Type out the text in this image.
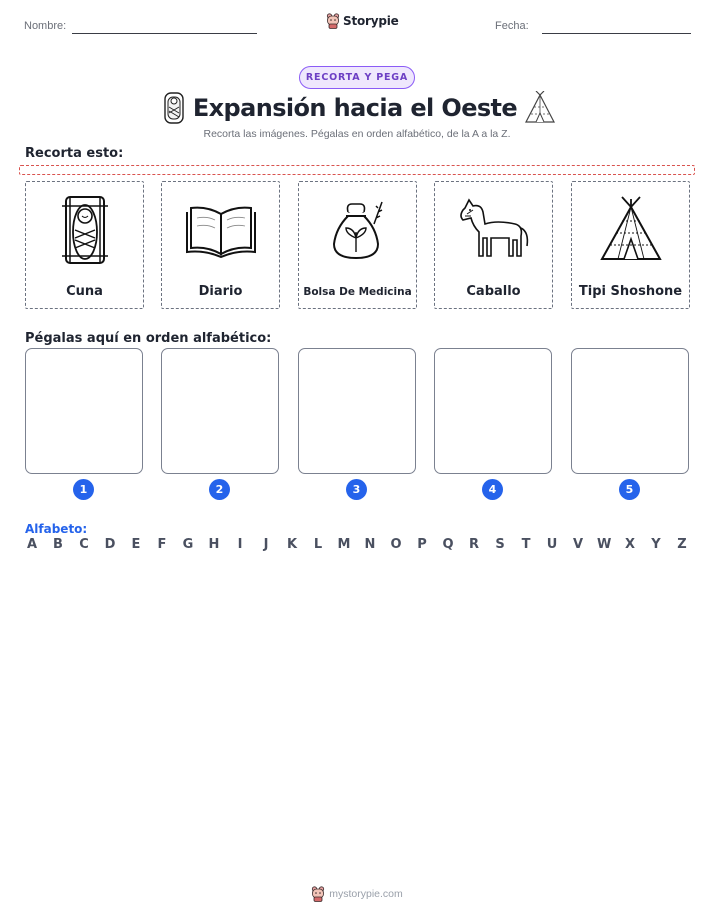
Nombre:	Storypie	Fecha:
RECORTA Y PEGA
Expansión hacia el Oeste
Recorta las imágenes. Pégalas en orden alfabético, de la A a la Z.
Recorta esto:
Cuna	Diario	Bolsa De Medicina	Caballo	Tipi Shoshone
Pégalas aquí en orden alfabético:
1	2	3	4	5
Alfabeto:
A B C D E F G H	I	J	K L M N O P Q R S T U V W X Y Z
mystorypie.com
